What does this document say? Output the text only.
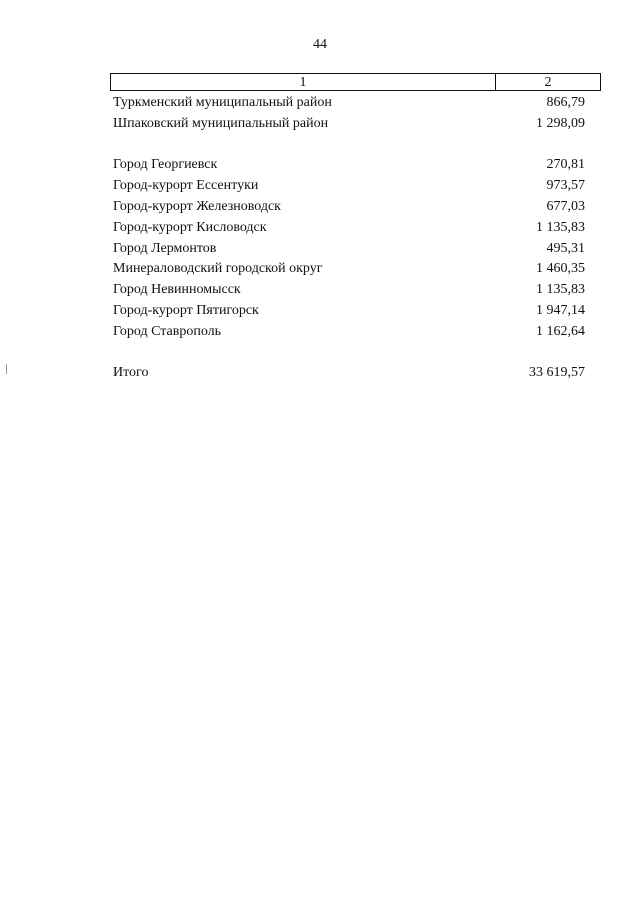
44
1	2
Туркменский муниципальный район	866,79
Шпаковский муниципальный район	1 298,09
Город Георгиевск	270,81
Город-курорт Ессентуки	973,57
Город-курорт Железноводск	677,03
Город-курорт Кисловодск	1 135,83
Город Лермонтов	495,31
Минераловодский городской округ	1 460,35
Город Невинномысск	1 135,83
Город-курорт Пятигорск	1 947,14
Город Ставрополь	1 162,64
Итого	33 619,57
